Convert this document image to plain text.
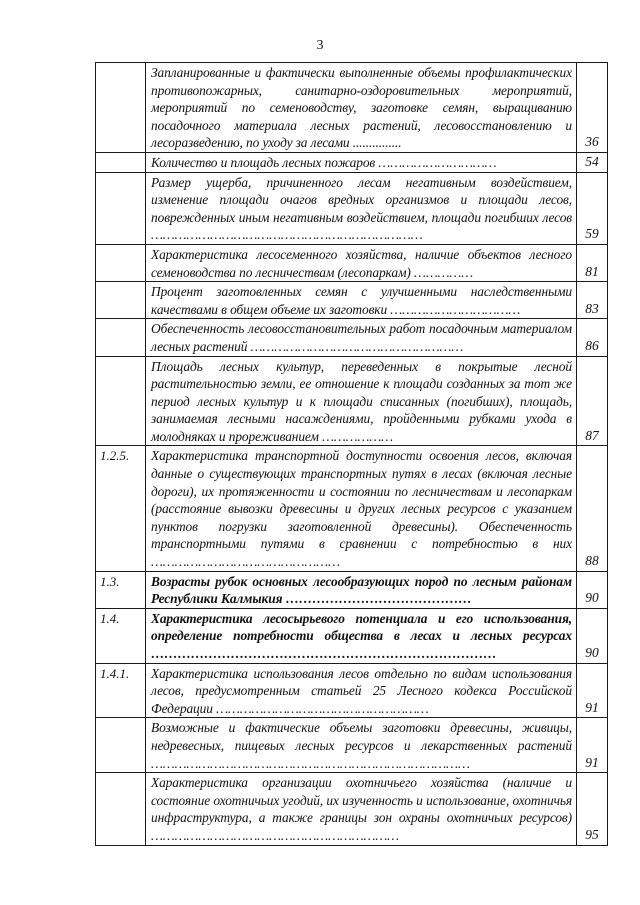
3
	Запланированные и фактически выполненные объемы профилактических противопожарных, санитарно-оздоровительных мероприятий, мероприятий по семеноводству, заготовке семян, выращиванию посадочного материала лесных растений, лесовосстановлению и лесоразведению, по уходу за лесами ...............	36
	Количество и площадь лесных пожаров …………………………	54
	Размер ущерба, причиненного лесам негативным воздействием, изменение площади очагов вредных организмов и площади лесов, поврежденных иным негативным воздействием, площади погибших лесов ……………………………………………………………	59
	Характеристика лесосеменного хозяйства, наличие объектов лесного семеноводства по лесничествам (лесопаркам) ……………	81
	Процент заготовленных семян с улучшенными наследственными качествами в общем объеме их заготовки ……………………………	83
	Обеспеченность лесовосстановительных работ посадочным материалом лесных растений ………………………………………………	86
	Площадь лесных культур, переведенных в покрытые лесной растительностью земли, ее отношение к площади созданных за тот же период лесных культур и к площади списанных (погибших), площадь, занимаемая лесными насаждениями, пройденными рубками ухода в молодняках и прореживанием ………………	87
1.2.5.	Характеристика транспортной доступности освоения лесов, включая данные о существующих транспортных путях в лесах (включая лесные дороги), их протяженности и состоянии по лесничествам и лесопаркам (расстояние вывозки древесины и других лесных ресурсов с указанием пунктов погрузки заготовленной древесины). Обеспеченность транспортными путями в сравнении с потребностью в них …………………………………………	88
1.3.	Возрасты рубок основных лесообразующих пород по лесным районам Республики Калмыкия ……………………………………	90
1.4.	Характеристика лесосырьевого потенциала и его использования, определение потребности общества в лесах и лесных ресурсах ……………………………………………………………………	90
1.4.1.	Характеристика использования лесов отдельно по видам использования лесов, предусмотренным статьей 25 Лесного кодекса Российской Федерации ………………………………………………	91
	Возможные и фактические объемы заготовки древесины, живицы, недревесных, пищевых лесных ресурсов и лекарственных растений ………………………………………………………………………	91
	Характеристика организации охотничьего хозяйства (наличие и состояние охотничьих угодий, их изученность и использование, охотничья инфраструктура, а также границы зон охраны охотничьих ресурсов) ………………………………………………………	95
